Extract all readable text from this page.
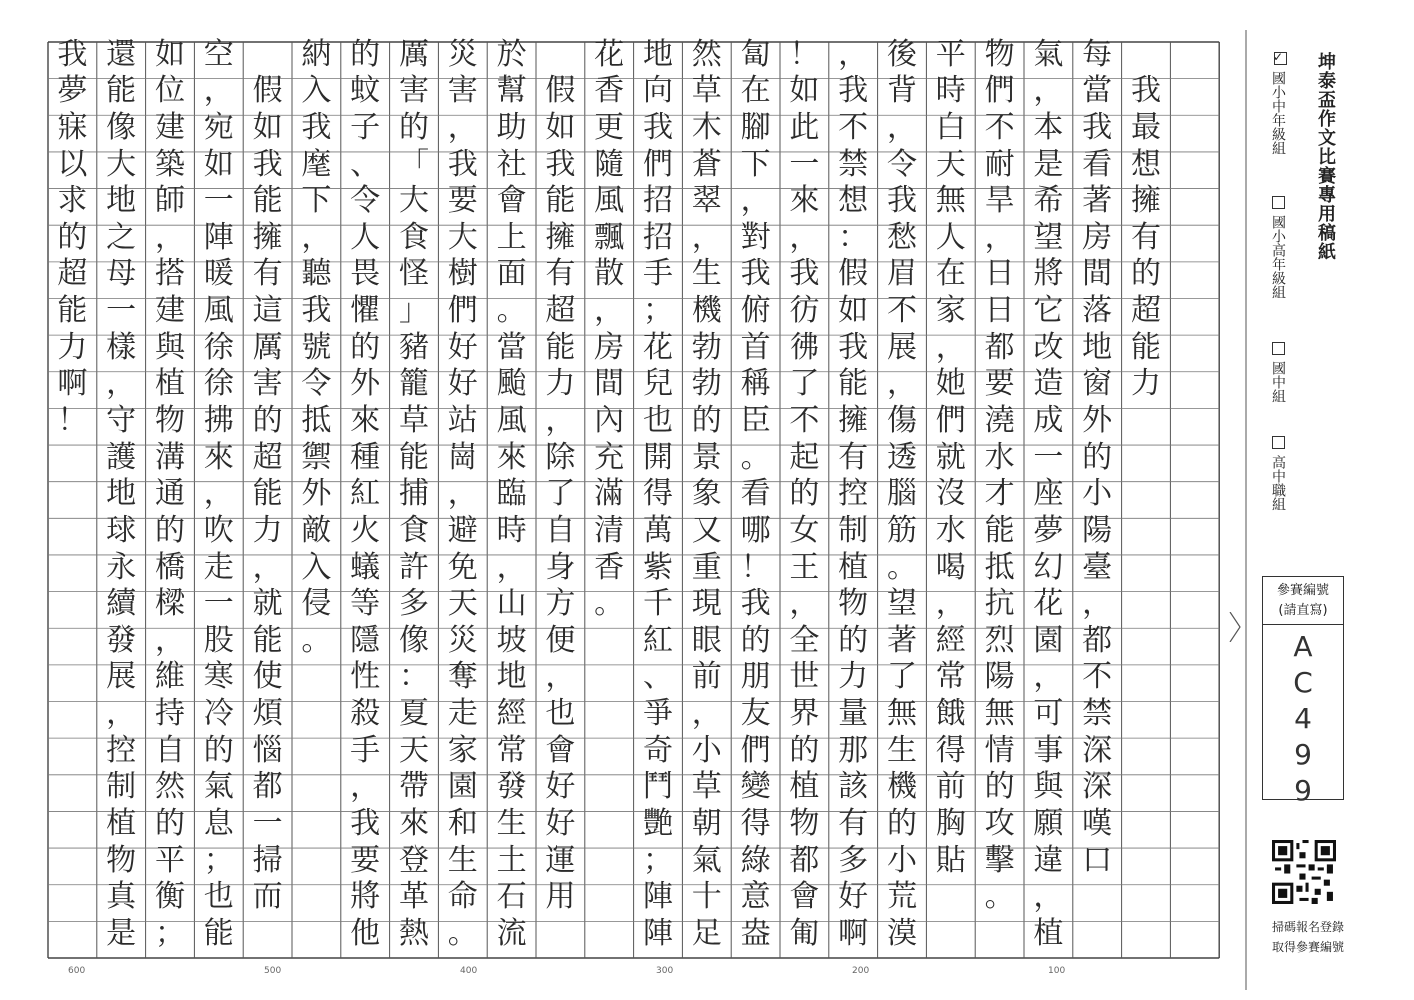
我
最
想
擁
有
的
超
能
力
每
當
我
看
著
房
間
落
地
窗
外
的
小
陽
臺
，
都
不
禁
深
深
嘆
口
氣
，
本
是
希
望
將
它
改
造
成
一
座
夢
幻
花
園
，
可
事
與
願
違
，
植
物
們
不
耐
旱
，
日
日
都
要
澆
水
才
能
抵
抗
烈
陽
無
情
的
攻
擊
。
平
時
白
天
無
人
在
家
，
她
們
就
沒
水
喝
，
經
常
餓
得
前
胸
貼
後
背
，
令
我
愁
眉
不
展
，
傷
透
腦
筋
。
望
著
了
無
生
機
的
小
荒
漠
，
我
不
禁
想
：
假
如
我
能
擁
有
控
制
植
物
的
力
量
那
該
有
多
好
啊
！
如
此
一
來
，
我
彷
彿
了
不
起
的
女
王
，
全
世
界
的
植
物
都
會
匍
匐
在
腳
下
，
對
我
俯
首
稱
臣
。
看
哪
！
我
的
朋
友
們
變
得
綠
意
盎
然
草
木
蒼
翠
，
生
機
勃
勃
的
景
象
又
重
現
眼
前
，
小
草
朝
氣
十
足
地
向
我
們
招
招
手
；
花
兒
也
開
得
萬
紫
千
紅
、
爭
奇
鬥
艷
；
陣
陣
花
香
更
隨
風
飄
散
，
房
間
內
充
滿
清
香
。

假
如
我
能
擁
有
超
能
力
，
除
了
自
身
方
便
，
也
會
好
好
運
用
於
幫
助
社
會
上
面
。
當
颱
風
來
臨
時
，
山
坡
地
經
常
發
生
土
石
流
災
害
，
我
要
大
樹
們
好
好
站
崗
，
避
免
天
災
奪
走
家
園
和
生
命
。
厲
害
的
「
大
食
怪
」
豬
籠
草
能
捕
食
許
多
像
：
夏
天
帶
來
登
革
熱
的
蚊
子
、
令
人
畏
懼
的
外
來
種
紅
火
蟻
等
隱
性
殺
手
，
我
要
將
他
納
入
我
麾
下
，
聽
我
號
令
抵
禦
外
敵
入
侵
。

假
如
我
能
擁
有
這
厲
害
的
超
能
力
，
就
能
使
煩
惱
都
一
掃
而
空
，
宛
如
一
陣
暖
風
徐
徐
拂
來
，
吹
走
一
股
寒
冷
的
氣
息
；
也
能
如
位
建
築
師
，
搭
建
與
植
物
溝
通
的
橋
樑
，
維
持
自
然
的
平
衡
；
還
能
像
大
地
之
母
一
樣
，
守
護
地
球
永
續
發
展
，
控
制
植
物
真
是
我
夢
寐
以
求
的
超
能
力
啊
！
600	500	400	300	200	100
坤泰盃作文比賽專用稿紙
✓國小中年級組
國小高年級組
國中組
高中職組
參賽編號
(請直寫)
A
C
4
9
9
掃碼報名登錄
取得參賽編號
